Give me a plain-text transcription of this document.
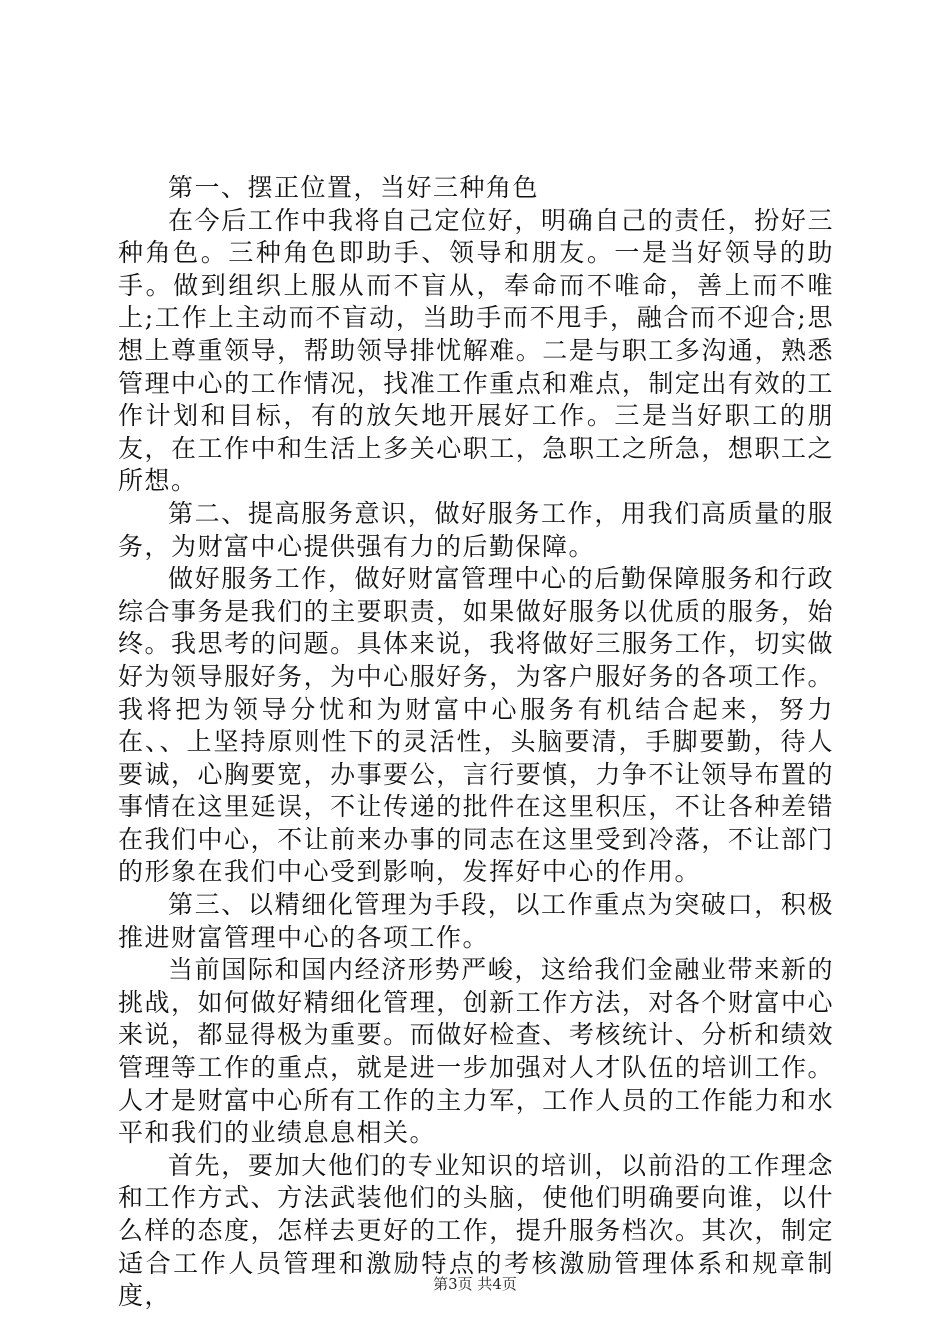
第一、摆正位置，当好三种角色

在今后工作中我将自己定位好，明确自己的责任，扮好三种角色。三种角色即助手、领导和朋友。一是当好领导的助手。做到组织上服从而不盲从，奉命而不唯命，善上而不唯上;工作上主动而不盲动，当助手而不甩手，融合而不迎合;思想上尊重领导，帮助领导排忧解难。二是与职工多沟通，熟悉管理中心的工作情况，找准工作重点和难点，制定出有效的工作计划和目标，有的放矢地开展好工作。三是当好职工的朋友，在工作中和生活上多关心职工，急职工之所急，想职工之所想。

第二、提高服务意识，做好服务工作，用我们高质量的服务，为财富中心提供强有力的后勤保障。

做好服务工作，做好财富管理中心的后勤保障服务和行政综合事务是我们的主要职责，如果做好服务以优质的服务，始终。我思考的问题。具体来说，我将做好三服务工作，切实做好为领导服好务，为中心服好务，为客户服好务的各项工作。我将把为领导分忧和为财富中心服务有机结合起来，努力在、、上坚持原则性下的灵活性，头脑要清，手脚要勤，待人要诚，心胸要宽，办事要公，言行要慎，力争不让领导布置的事情在这里延误，不让传递的批件在这里积压，不让各种差错在我们中心，不让前来办事的同志在这里受到冷落，不让部门的形象在我们中心受到影响，发挥好中心的作用。

第三、以精细化管理为手段，以工作重点为突破口，积极推进财富管理中心的各项工作。

当前国际和国内经济形势严峻，这给我们金融业带来新的挑战，如何做好精细化管理，创新工作方法，对各个财富中心来说，都显得极为重要。而做好检查、考核统计、分析和绩效管理等工作的重点，就是进一步加强对人才队伍的培训工作。人才是财富中心所有工作的主力军，工作人员的工作能力和水平和我们的业绩息息相关。

首先，要加大他们的专业知识的培训，以前沿的工作理念和工作方式、方法武装他们的头脑，使他们明确要向谁，以什么样的态度，怎样去更好的工作，提升服务档次。其次，制定适合工作人员管理和激励特点的考核激励管理体系和规章制度，	第3页 共4页
